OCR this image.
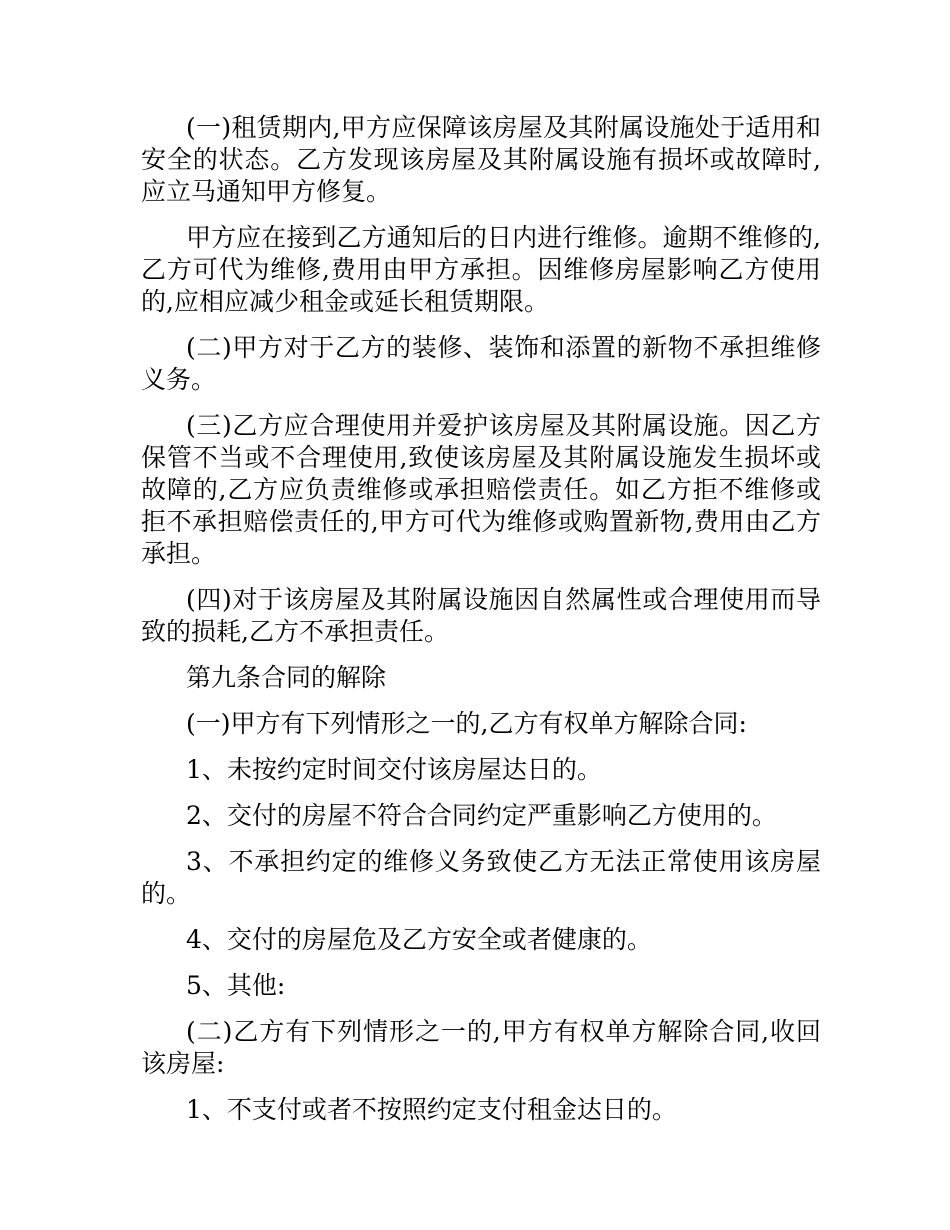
(一)租赁期内,甲方应保障该房屋及其附属设施处于适用和安全的状态。乙方发现该房屋及其附属设施有损坏或故障时,应立马通知甲方修复。

甲方应在接到乙方通知后的日内进行维修。逾期不维修的,乙方可代为维修,费用由甲方承担。因维修房屋影响乙方使用的,应相应减少租金或延长租赁期限。

(二)甲方对于乙方的装修、装饰和添置的新物不承担维修义务。

(三)乙方应合理使用并爱护该房屋及其附属设施。因乙方保管不当或不合理使用,致使该房屋及其附属设施发生损坏或故障的,乙方应负责维修或承担赔偿责任。如乙方拒不维修或拒不承担赔偿责任的,甲方可代为维修或购置新物,费用由乙方承担。

(四)对于该房屋及其附属设施因自然属性或合理使用而导致的损耗,乙方不承担责任。

第九条合同的解除

(一)甲方有下列情形之一的,乙方有权单方解除合同:

1、未按约定时间交付该房屋达日的。

2、交付的房屋不符合合同约定严重影响乙方使用的。

3、不承担约定的维修义务致使乙方无法正常使用该房屋的。

4、交付的房屋危及乙方安全或者健康的。

5、其他:

(二)乙方有下列情形之一的,甲方有权单方解除合同,收回该房屋:

1、不支付或者不按照约定支付租金达日的。
